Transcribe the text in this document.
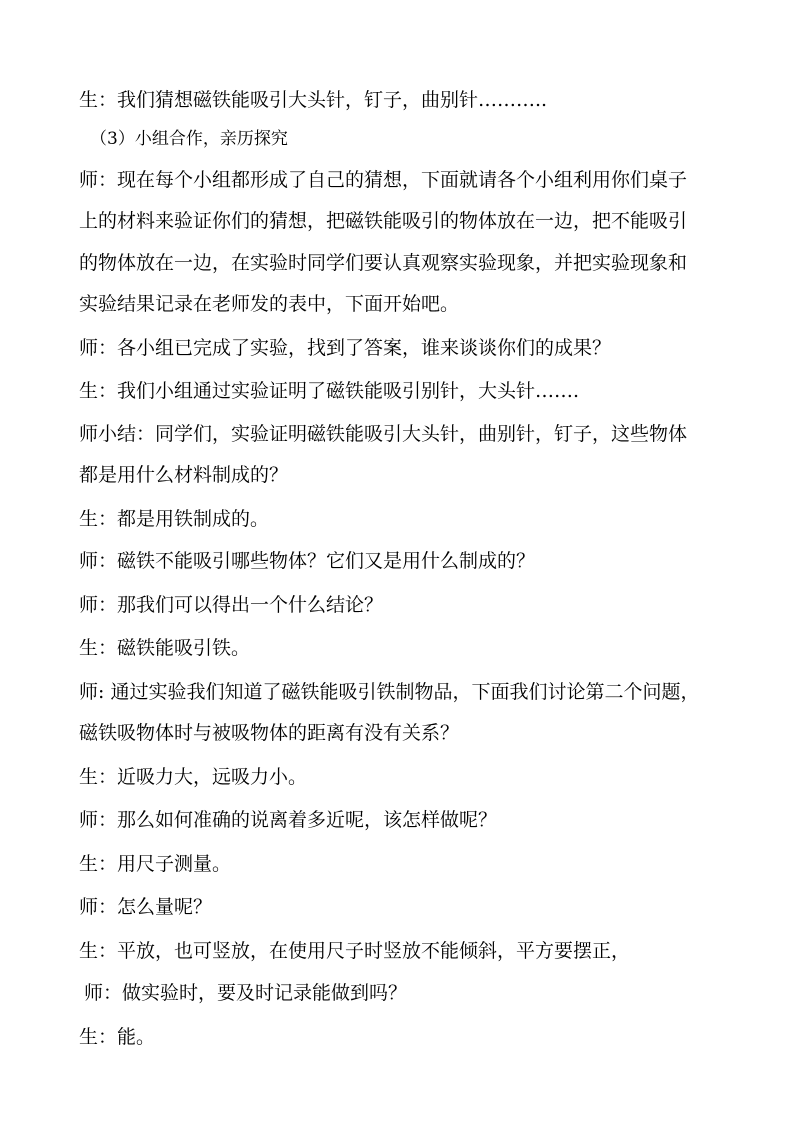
生：我们猜想磁铁能吸引大头针，钉子，曲别针………..
（3）小组合作，亲历探究
师：现在每个小组都形成了自己的猜想，下面就请各个小组利用你们桌子
上的材料来验证你们的猜想，把磁铁能吸引的物体放在一边，把不能吸引
的物体放在一边，在实验时同学们要认真观察实验现象，并把实验现象和
实验结果记录在老师发的表中，下面开始吧。
师：各小组已完成了实验，找到了答案，谁来谈谈你们的成果？
生：我们小组通过实验证明了磁铁能吸引别针，大头针…….
师小结：同学们，实验证明磁铁能吸引大头针，曲别针，钉子，这些物体
都是用什么材料制成的？
生：都是用铁制成的。
师：磁铁不能吸引哪些物体？它们又是用什么制成的？
师：那我们可以得出一个什么结论？
生：磁铁能吸引铁。
师: 通过实验我们知道了磁铁能吸引铁制物品，下面我们讨论第二个问题，
磁铁吸物体时与被吸物体的距离有没有关系？
生：近吸力大，远吸力小。
师：那么如何准确的说离着多近呢，该怎样做呢？
生：用尺子测量。
师：怎么量呢？
生：平放，也可竖放，在使用尺子时竖放不能倾斜，平方要摆正，
师：做实验时，要及时记录能做到吗？
生：能。
